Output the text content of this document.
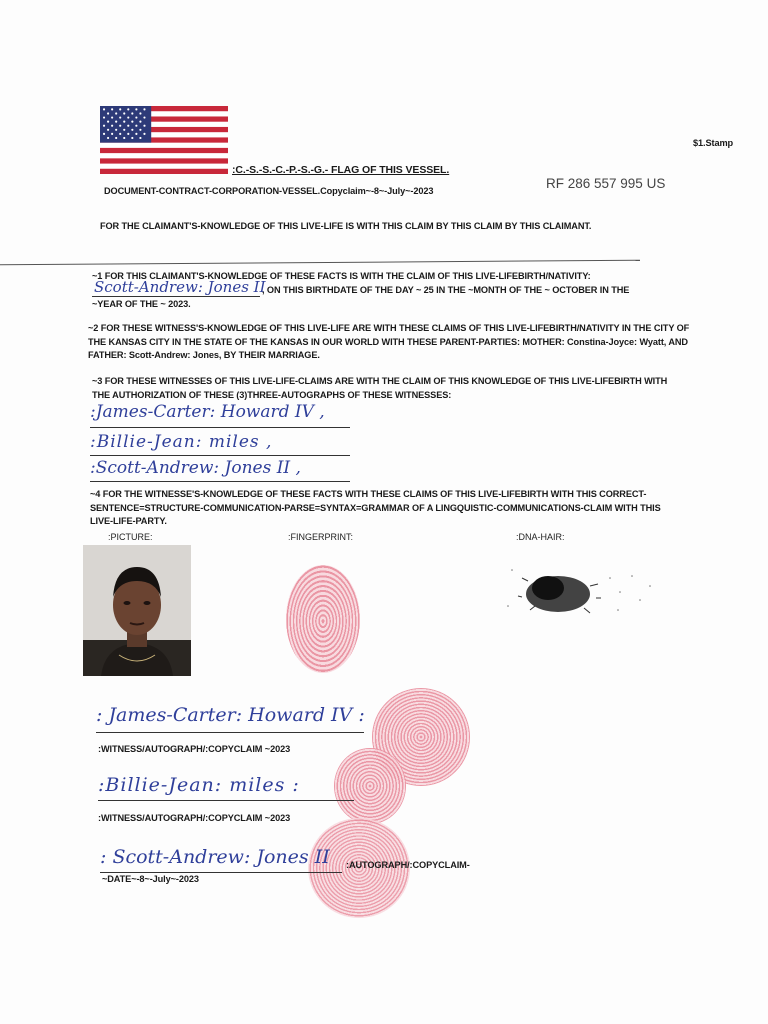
$1.Stamp
:C.-S.-S.-C.-P.-S.-G.- FLAG OF THIS VESSEL.
RF 286 557 995 US
DOCUMENT-CONTRACT-CORPORATION-VESSEL.Copyclaim~-8~-July~-2023
FOR THE CLAIMANT'S-KNOWLEDGE OF THIS LIVE-LIFE IS WITH THIS CLAIM BY THIS CLAIM BY THIS CLAIMANT.
~1 FOR THIS CLAIMANT'S-KNOWLEDGE OF THESE FACTS IS WITH THE CLAIM OF THIS LIVE-LIFEBIRTH/NATIVITY:
Scott-Andrew: Jones II
, ON THIS BIRTHDATE OF THE DAY ~ 25 IN THE ~MONTH OF THE ~ OCTOBER IN THE
~YEAR OF THE ~ 2023.
~2 FOR THESE WITNESS'S-KNOWLEDGE OF THIS LIVE-LIFE ARE WITH THESE CLAIMS OF THIS LIVE-LIFEBIRTH/NATIVITY IN THE CITY OF THE KANSAS CITY IN THE STATE OF THE KANSAS IN OUR WORLD WITH THESE PARENT-PARTIES: MOTHER: Constina-Joyce: Wyatt, AND FATHER: Scott-Andrew: Jones, BY THEIR MARRIAGE.
~3 FOR THESE WITNESSES OF THIS LIVE-LIFE-CLAIMS ARE WITH THE CLAIM OF THIS KNOWLEDGE OF THIS LIVE-LIFEBIRTH WITH THE AUTHORIZATION OF THESE (3)THREE-AUTOGRAPHS OF THESE WITNESSES:
:James-Carter: Howard IV ,
:Billie-Jean: miles ,
:Scott-Andrew: Jones II ,
~4 FOR THE WITNESSE'S-KNOWLEDGE OF THESE FACTS WITH THESE CLAIMS OF THIS LIVE-LIFEBIRTH WITH THIS CORRECT-SENTENCE=STRUCTURE-COMMUNICATION-PARSE=SYNTAX=GRAMMAR OF A LINGQUISTIC-COMMUNICATIONS-CLAIM WITH THIS LIVE-LIFE-PARTY.
:PICTURE:	:FINGERPRINT:	:DNA-HAIR:
: James-Carter: Howard IV :
:WITNESS/AUTOGRAPH/:COPYCLAIM ~2023
:Billie-Jean: miles :
:WITNESS/AUTOGRAPH/:COPYCLAIM ~2023
: Scott-Andrew: Jones II :AUTOGRAPH/:COPYCLAIM-
~DATE~-8~-July~-2023
